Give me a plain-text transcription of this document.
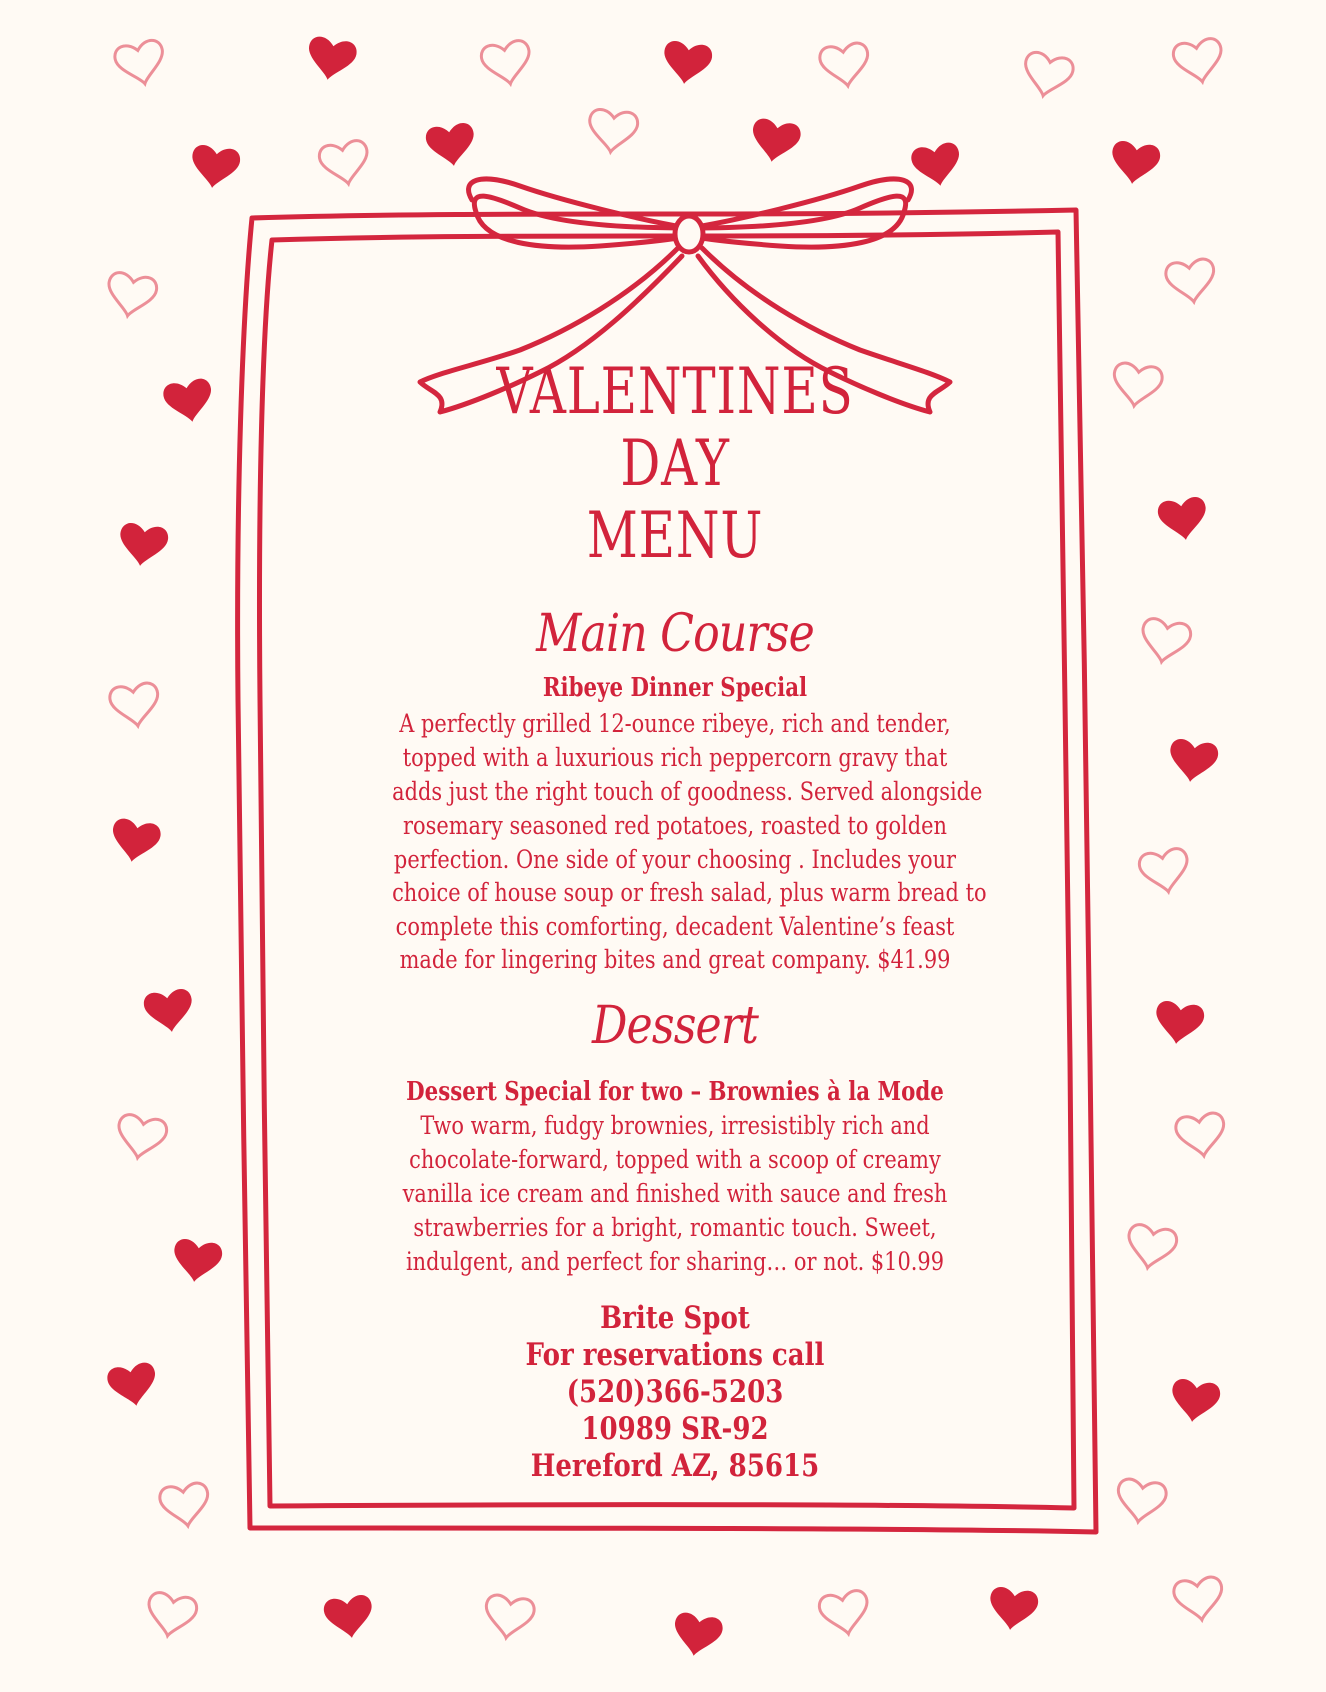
VALENTINES
DAY
MENU
Main Course
Ribeye Dinner Special
A perfectly grilled 12-ounce ribeye, rich and tender,
topped with a luxurious rich peppercorn gravy that
adds just the right touch of goodness. Served alongside
rosemary seasoned red potatoes, roasted to golden
perfection. One side of your choosing . Includes your
choice of house soup or fresh salad, plus warm bread to
complete this comforting, decadent Valentine’s feast
made for lingering bites and great company. $41.99
Dessert
Dessert Special for two – Brownies à la Mode
Two warm, fudgy brownies, irresistibly rich and
chocolate-forward, topped with a scoop of creamy
vanilla ice cream and finished with sauce and fresh
strawberries for a bright, romantic touch. Sweet,
indulgent, and perfect for sharing… or not. $10.99
Brite Spot
For reservations call
(520)366-5203
10989 SR-92
Hereford AZ, 85615
